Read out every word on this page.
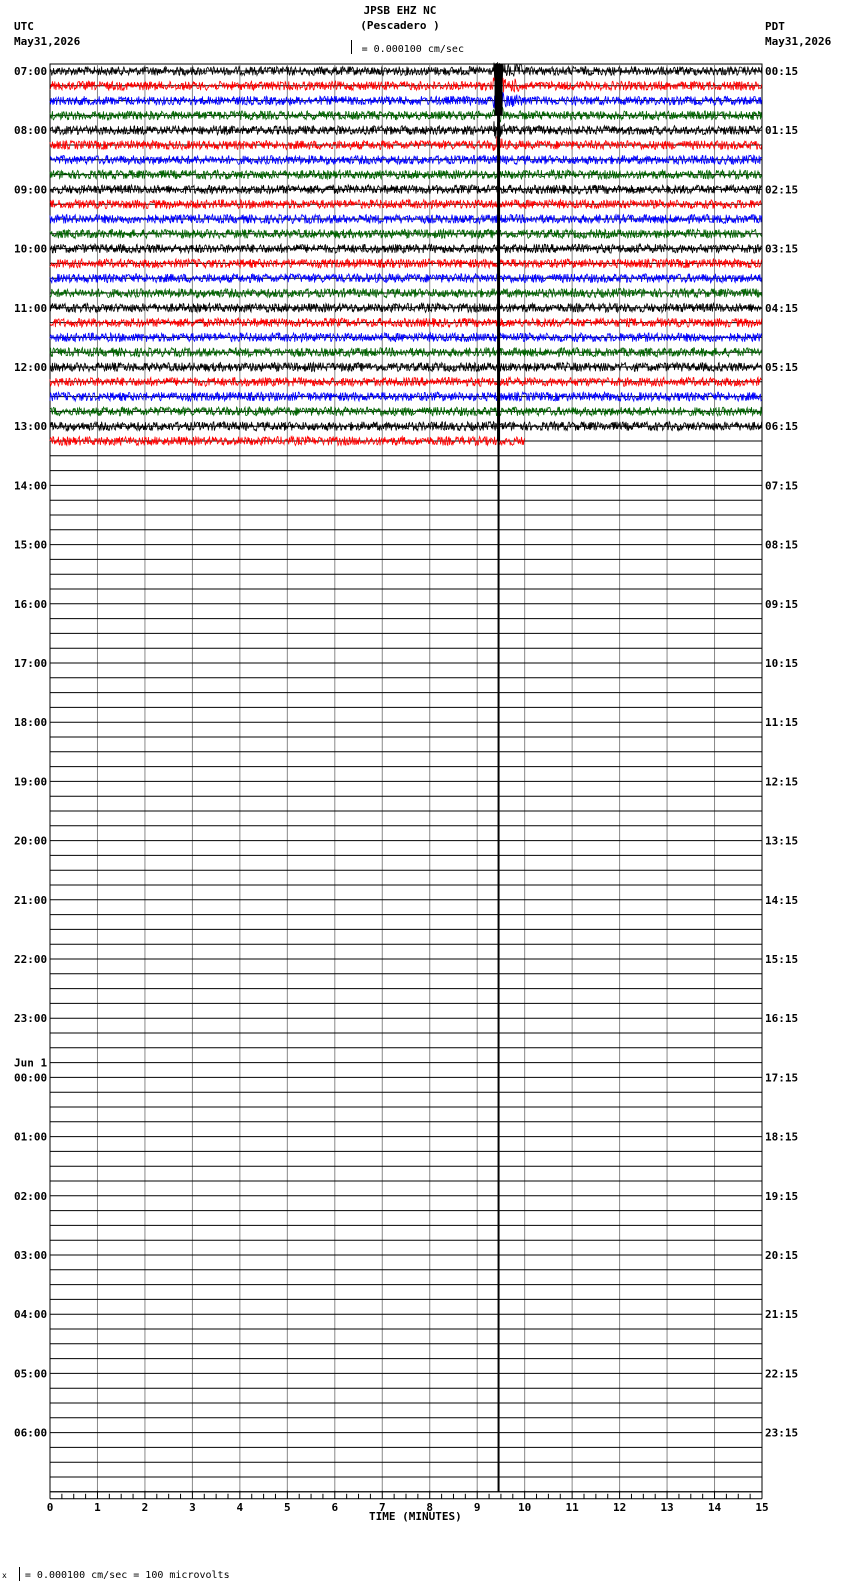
JPSB EHZ NC
(Pescadero )
= 0.000100 cm/sec
UTC
May31,2026
PDT
May31,2026
07:00
08:00
09:00
10:00
11:00
12:00
13:00
14:00
15:00
16:00
17:00
18:00
19:00
20:00
21:00
22:00
23:00
00:00
Jun 1
01:00
02:00
03:00
04:00
05:00
06:00
00:15
01:15
02:15
03:15
04:15
05:15
06:15
07:15
08:15
09:15
10:15
11:15
12:15
13:15
14:15
15:15
16:15
17:15
18:15
19:15
20:15
21:15
22:15
23:15
0	1	2	3	4	5	6	7	8	9	10	11	12	13	14	15
TIME (MINUTES)
x = 0.000100 cm/sec = 100 microvolts
